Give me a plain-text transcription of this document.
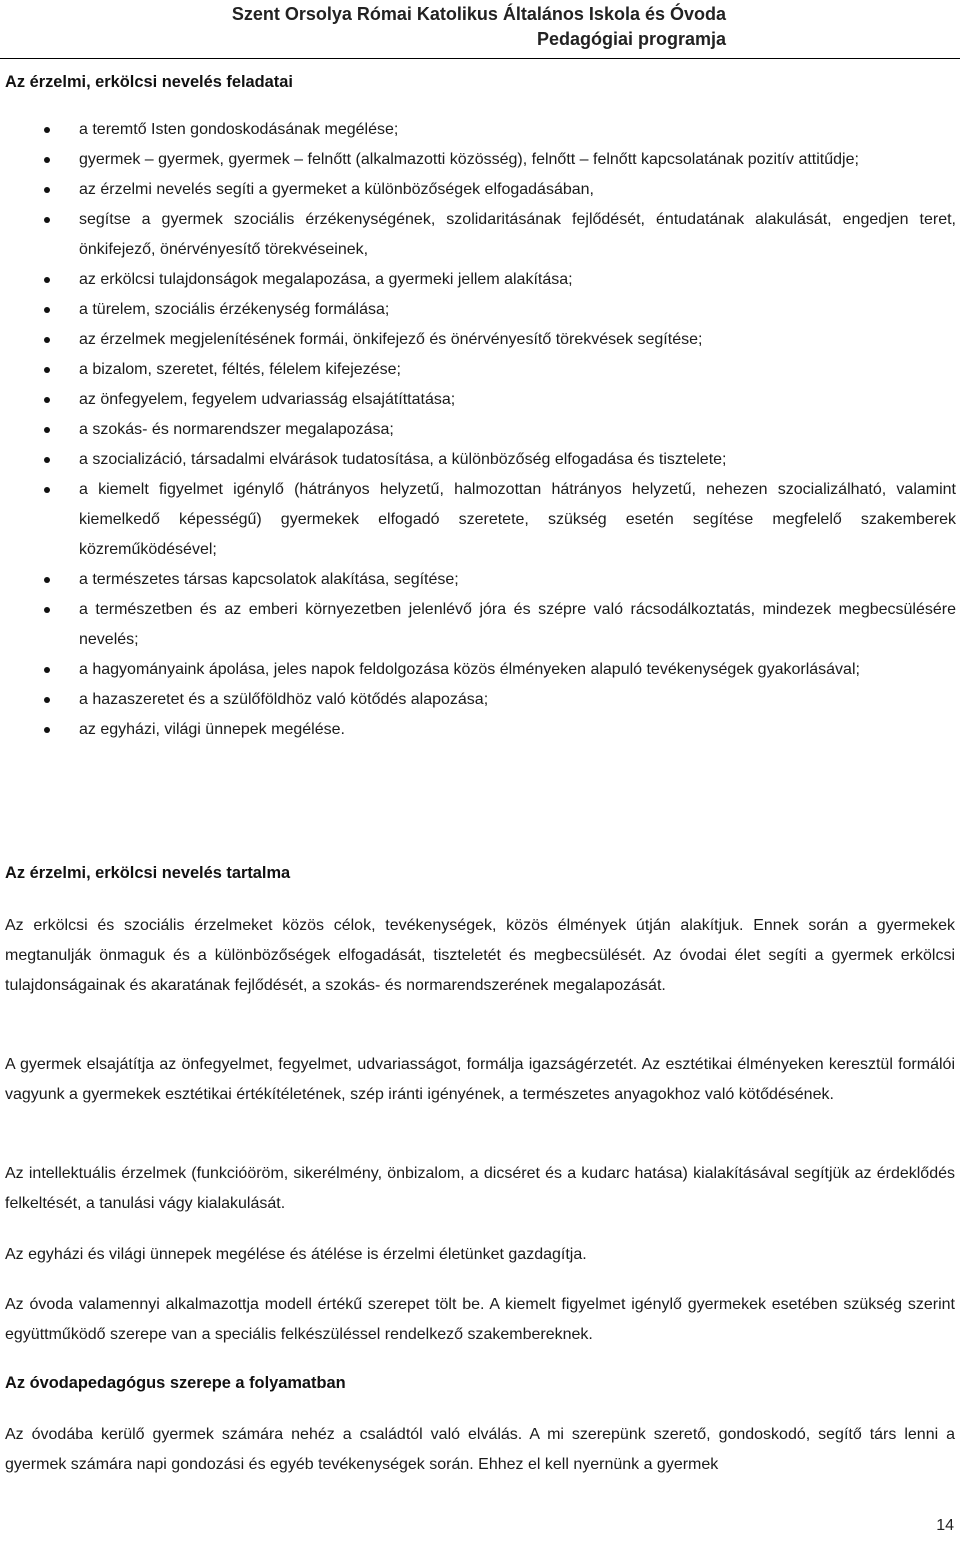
Szent Orsolya Római Katolikus Általános Iskola és Óvoda
Pedagógiai programja
Az érzelmi, erkölcsi nevelés feladatai
a teremtő Isten gondoskodásának megélése;
gyermek – gyermek, gyermek – felnőtt (alkalmazotti közösség), felnőtt – felnőtt kapcsolatának pozitív attitűdje;
az érzelmi nevelés segíti a gyermeket a különbözőségek elfogadásában,
segítse a gyermek szociális érzékenységének, szolidaritásának fejlődését, éntudatának alakulását, engedjen teret, önkifejező, önérvényesítő törekvéseinek,
az erkölcsi tulajdonságok megalapozása, a gyermeki jellem alakítása;
a türelem, szociális érzékenység formálása;
az érzelmek megjelenítésének formái, önkifejező és önérvényesítő törekvések segítése;
a bizalom, szeretet, féltés, félelem kifejezése;
az önfegyelem, fegyelem udvariasság elsajátíttatása;
a szokás- és normarendszer megalapozása;
a szocializáció, társadalmi elvárások tudatosítása, a különbözőség elfogadása és tisztelete;
a kiemelt figyelmet igénylő (hátrányos helyzetű, halmozottan hátrányos helyzetű, nehezen szocializálható, valamint kiemelkedő képességű) gyermekek elfogadó szeretete, szükség esetén segítése megfelelő szakemberek közreműködésével;
a természetes társas kapcsolatok alakítása, segítése;
a természetben és az emberi környezetben jelenlévő jóra és szépre való rácsodálkoztatás, mindezek megbecsülésére nevelés;
a hagyományaink ápolása, jeles napok feldolgozása közös élményeken alapuló tevékenységek gyakorlásával;
a hazaszeretet és a szülőföldhöz való kötődés alapozása;
az egyházi, világi ünnepek megélése.
Az érzelmi, erkölcsi nevelés tartalma

Az erkölcsi és szociális érzelmeket közös célok, tevékenységek, közös élmények útján alakítjuk. Ennek során a gyermekek megtanulják önmaguk és a különbözőségek elfogadását, tiszteletét és megbecsülését. Az óvodai élet segíti a gyermek erkölcsi tulajdonságainak és akaratának fejlődését, a szokás- és normarendszerének megalapozását.

A gyermek elsajátítja az önfegyelmet, fegyelmet, udvariasságot, formálja igazságérzetét. Az esztétikai élményeken keresztül formálói vagyunk a gyermekek esztétikai értékítéletének, szép iránti igényének, a természetes anyagokhoz való kötődésének.

Az intellektuális érzelmek (funkcióöröm, sikerélmény, önbizalom, a dicséret és a kudarc hatása) kialakításával segítjük az érdeklődés felkeltését, a tanulási vágy kialakulását.

Az egyházi és világi ünnepek megélése és átélése is érzelmi életünket gazdagítja.

Az óvoda valamennyi alkalmazottja modell értékű szerepet tölt be. A kiemelt figyelmet igénylő gyermekek esetében szükség szerint együttműködő szerepe van a speciális felkészüléssel rendelkező szakembereknek.

Az óvodapedagógus szerepe a folyamatban

Az óvodába kerülő gyermek számára nehéz a családtól való elválás. A mi szerepünk szerető, gondoskodó, segítő társ lenni a gyermek számára napi gondozási és egyéb tevékenységek során. Ehhez el kell nyernünk a gyermek

14
